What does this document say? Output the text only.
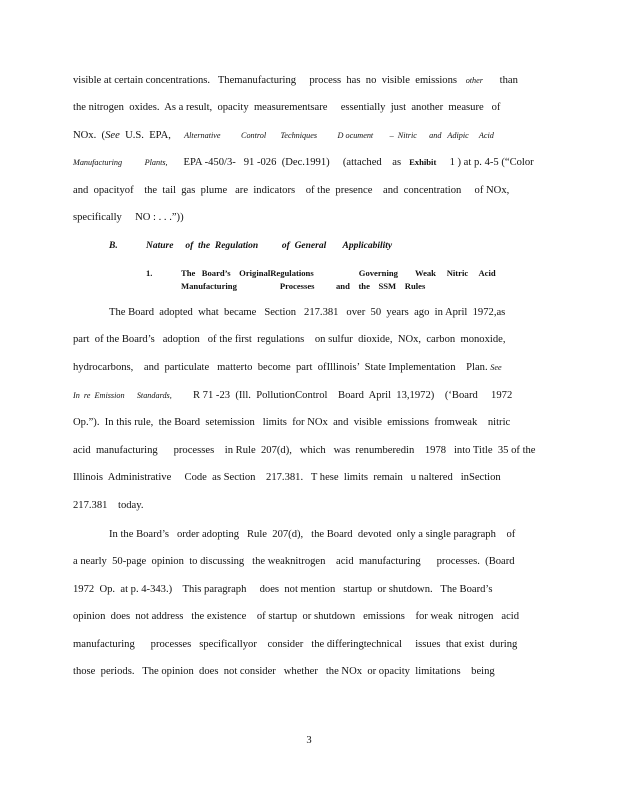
visible at certain concentrations.   Themanufacturing     process  has  no  visible  emissions other than
the nitrogen  oxides.  As a result,  opacity  measurementsare     essentially  just  another  measure   of
NOx.  (See  U.S.  EPA, Alternative          Control       Techniques          D ocument        –  Nitric      and   Adipic     Acid
Manufacturing           Plants, EPA -450/3-   91 -026  (Dec.1991)     (attached    as Exhibit 1 ) at p. 4-5 (“Color
and  opacityof    the  tail  gas  plume   are  indicators    of the  presence    and  concentration     of NOx,
specifically     NO : . . .”))
B.	Nature     of  the  Regulation          of  General       Applicability
1.	The   Board’s    OriginalRegulations                     Governing        Weak     Nitric     Acid
Manufacturing                    Processes          and    the    SSM    Rules
The Board  adopted  what  became   Section   217.381   over  50  years  ago  in April  1972,as
part  of the Board’s   adoption   of the first  regulations    on sulfur  dioxide,  NOx,  carbon  monoxide,
hydrocarbons,    and  particulate   matterto  become  part  ofIllinois’  State Implementation    Plan. See
In  re  Emission      Standards, R 71 -23  (Ill.  PollutionControl    Board  April  13,1972)    (‘Board     1972
Op.”).  In this rule,  the Board  setemission   limits  for NOx  and  visible  emissions  fromweak    nitric
acid  manufacturing      processes    in Rule  207(d),   which   was  renumberedin    1978   into Title  35 of the
Illinois  Administrative     Code  as Section    217.381.   T hese  limits  remain   u naltered   inSection
217.381    today.
In the Board’s   order adopting   Rule  207(d),   the Board  devoted  only a single paragraph    of
a nearly  50-page  opinion  to discussing   the weaknitrogen    acid  manufacturing      processes.  (Board
1972  Op.  at p. 4-343.)    This paragraph     does  not mention   startup  or shutdown.   The Board’s
opinion  does  not address   the existence    of startup  or shutdown   emissions    for weak  nitrogen   acid
manufacturing      processes   specificallyor    consider   the differingtechnical     issues  that exist  during
those  periods.   The opinion  does  not consider   whether   the NOx  or opacity  limitations    being
3
